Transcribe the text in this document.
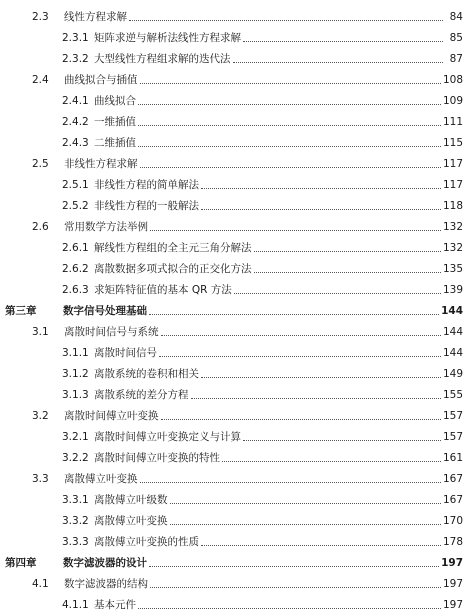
2.3	线性方程求解	84
2.3.1 矩阵求逆与解析法线性方程求解	85
2.3.2 大型线性方程组求解的迭代法	87
2.4	曲线拟合与插值	108
2.4.1 曲线拟合	109
2.4.2 一维插值	111
2.4.3 二维插值	115
2.5	非线性方程求解	117
2.5.1 非线性方程的简单解法	117
2.5.2 非线性方程的一般解法	118
2.6	常用数学方法举例	132
2.6.1 解线性方程组的全主元三角分解法	132
2.6.2 离散数据多项式拟合的正交化方法	135
2.6.3 求矩阵特征值的基本 QR 方法	139
第三章	数字信号处理基础	144
3.1	离散时间信号与系统	144
3.1.1 离散时间信号	144
3.1.2 离散系统的卷积和相关	149
3.1.3 离散系统的差分方程	155
3.2	离散时间傅立叶变换	157
3.2.1 离散时间傅立叶变换定义与计算	157
3.2.2 离散时间傅立叶变换的特性	161
3.3	离散傅立叶变换	167
3.3.1 离散傅立叶级数	167
3.3.2 离散傅立叶变换	170
3.3.3 离散傅立叶变换的性质	178
第四章	数字滤波器的设计	197
4.1	数字滤波器的结构	197
4.1.1 基本元件	197
